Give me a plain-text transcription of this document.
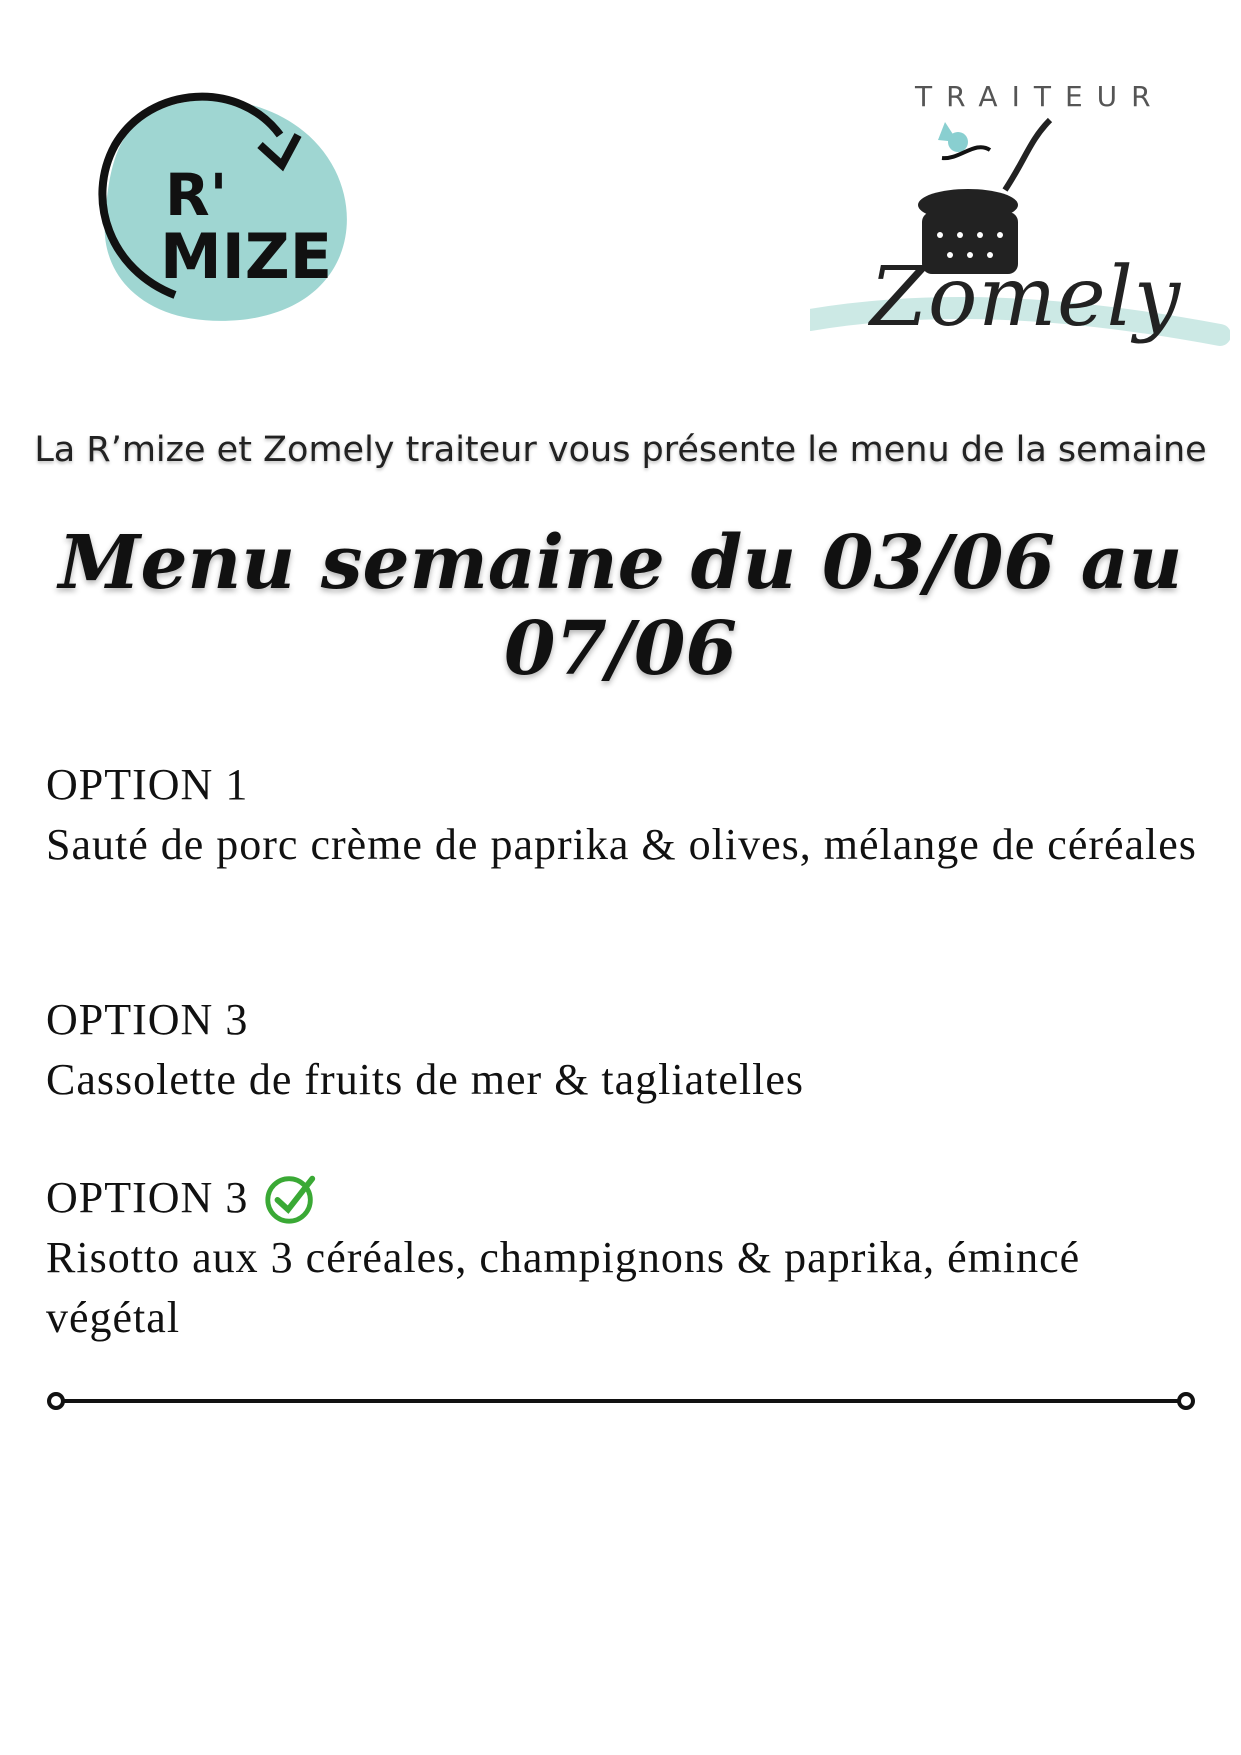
R'
MIZE
TRAITEUR
Zomely
La R’mize et Zomely traiteur vous présente le menu de la semaine
Menu semaine du 03/06 au 07/06
OPTION 1
Sauté de porc crème de paprika & olives, mélange de céréales
OPTION 3
Cassolette de fruits de mer & tagliatelles
OPTION 3
Risotto aux 3 céréales, champignons & paprika, émincé végétal
